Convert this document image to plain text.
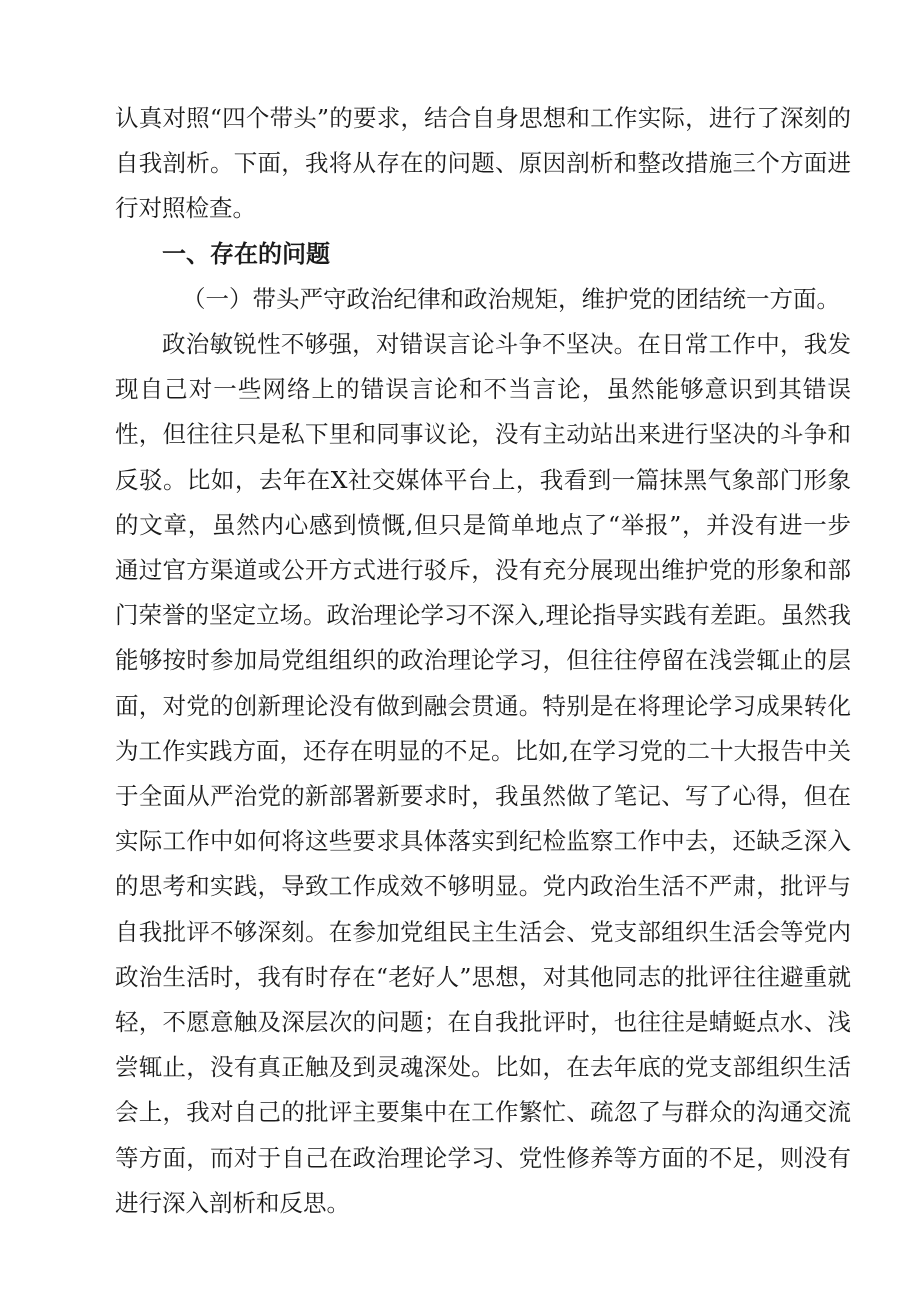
认真对照“四个带头”的要求，结合自身思想和工作实际，进行了深刻的自我剖析。下面，我将从存在的问题、原因剖析和整改措施三个方面进行对照检查。

一、存在的问题

（一）带头严守政治纪律和政治规矩，维护党的团结统一方面。

政治敏锐性不够强，对错误言论斗争不坚决。在日常工作中，我发现自己对一些网络上的错误言论和不当言论，虽然能够意识到其错误性，但往往只是私下里和同事议论，没有主动站出来进行坚决的斗争和反驳。比如，去年在X社交媒体平台上，我看到一篇抹黑气象部门形象的文章，虽然内心感到愤慨,但只是简单地点了“举报”，并没有进一步通过官方渠道或公开方式进行驳斥，没有充分展现出维护党的形象和部门荣誉的坚定立场。政治理论学习不深入,理论指导实践有差距。虽然我能够按时参加局党组组织的政治理论学习，但往往停留在浅尝辄止的层面，对党的创新理论没有做到融会贯通。特别是在将理论学习成果转化为工作实践方面，还存在明显的不足。比如,在学习党的二十大报告中关于全面从严治党的新部署新要求时，我虽然做了笔记、写了心得，但在实际工作中如何将这些要求具体落实到纪检监察工作中去，还缺乏深入的思考和实践，导致工作成效不够明显。党内政治生活不严肃，批评与自我批评不够深刻。在参加党组民主生活会、党支部组织生活会等党内政治生活时，我有时存在“老好人”思想，对其他同志的批评往往避重就轻，不愿意触及深层次的问题；在自我批评时，也往往是蜻蜓点水、浅尝辄止，没有真正触及到灵魂深处。比如，在去年底的党支部组织生活会上，我对自己的批评主要集中在工作繁忙、疏忽了与群众的沟通交流等方面，而对于自己在政治理论学习、党性修养等方面的不足，则没有进行深入剖析和反思。
